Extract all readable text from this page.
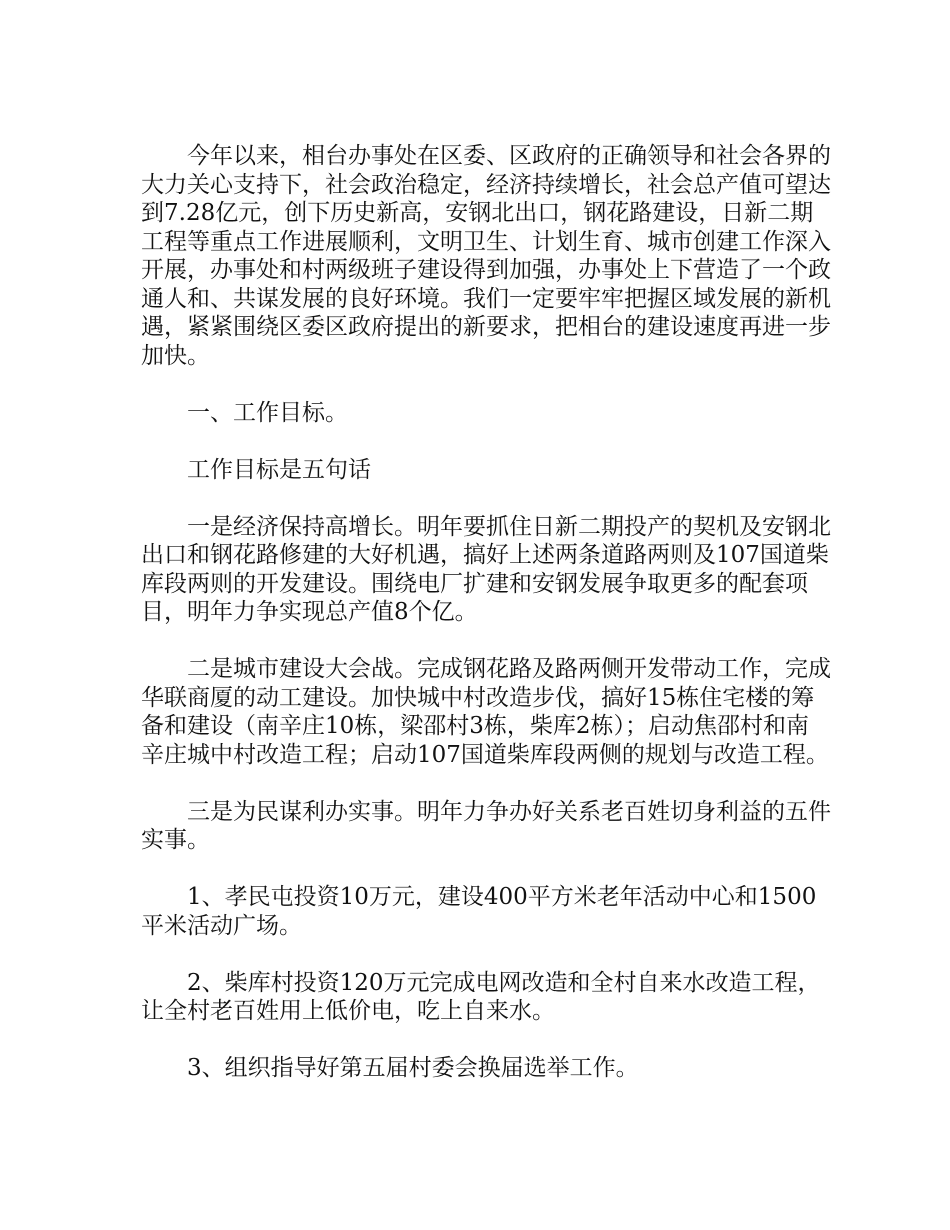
今年以来，相台办事处在区委、区政府的正确领导和社会各界的大力关心支持下，社会政治稳定，经济持续增长，社会总产值可望达到7.28亿元，创下历史新高，安钢北出口，钢花路建设，日新二期工程等重点工作进展顺利，文明卫生、计划生育、城市创建工作深入开展，办事处和村两级班子建设得到加强，办事处上下营造了一个政通人和、共谋发展的良好环境。我们一定要牢牢把握区域发展的新机遇，紧紧围绕区委区政府提出的新要求，把相台的建设速度再进一步加快。

一、工作目标。

工作目标是五句话

一是经济保持高增长。明年要抓住日新二期投产的契机及安钢北出口和钢花路修建的大好机遇，搞好上述两条道路两则及107国道柴库段两则的开发建设。围绕电厂扩建和安钢发展争取更多的配套项目，明年力争实现总产值8个亿。

二是城市建设大会战。完成钢花路及路两侧开发带动工作，完成华联商厦的动工建设。加快城中村改造步伐，搞好15栋住宅楼的筹备和建设（南辛庄10栋，梁邵村3栋，柴库2栋）；启动焦邵村和南辛庄城中村改造工程；启动107国道柴库段两侧的规划与改造工程。

三是为民谋利办实事。明年力争办好关系老百姓切身利益的五件实事。

1、孝民屯投资10万元，建设400平方米老年活动中心和1500平米活动广场。

2、柴库村投资120万元完成电网改造和全村自来水改造工程，让全村老百姓用上低价电，吃上自来水。

3、组织指导好第五届村委会换届选举工作。
